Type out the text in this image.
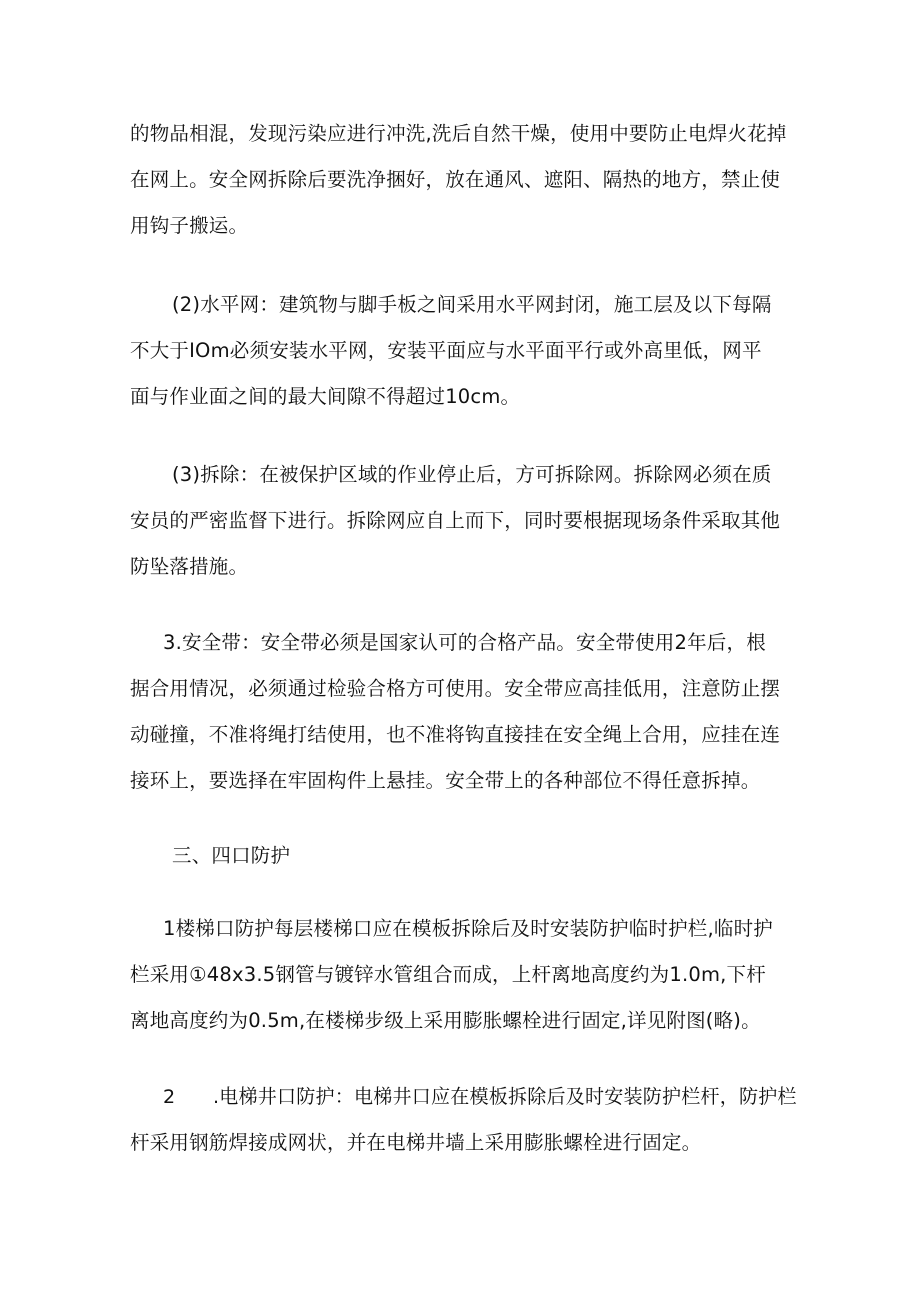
的物品相混，发现污染应进行冲洗,洗后自然干燥，使用中要防止电焊火花掉
在网上。安全网拆除后要洗净捆好，放在通风、遮阳、隔热的地方，禁止使
用钩子搬运。

(2)水平网：建筑物与脚手板之间采用水平网封闭，施工层及以下每隔
不大于IOm必须安装水平网，安装平面应与水平面平行或外高里低，网平
面与作业面之间的最大间隙不得超过10cm。

(3)拆除：在被保护区域的作业停止后，方可拆除网。拆除网必须在质
安员的严密监督下进行。拆除网应自上而下，同时要根据现场条件采取其他
防坠落措施。

3.安全带：安全带必须是国家认可的合格产品。安全带使用2年后，根
据合用情况，必须通过检验合格方可使用。安全带应高挂低用，注意防止摆
动碰撞，不准将绳打结使用，也不准将钩直接挂在安全绳上合用，应挂在连
接环上，要选择在牢固构件上悬挂。安全带上的各种部位不得任意拆掉。

三、四口防护

1楼梯口防护每层楼梯口应在模板拆除后及时安装防护临时护栏,临时护
栏采用①48x3.5钢管与镀锌水管组合而成，上杆离地高度约为1.0m,下杆
离地高度约为0.5m,在楼梯步级上采用膨胀螺栓进行固定,详见附图(略)。

2	.电梯井口防护：电梯井口应在模板拆除后及时安装防护栏杆，防护栏
杆采用钢筋焊接成网状，并在电梯井墙上采用膨胀螺栓进行固定。
